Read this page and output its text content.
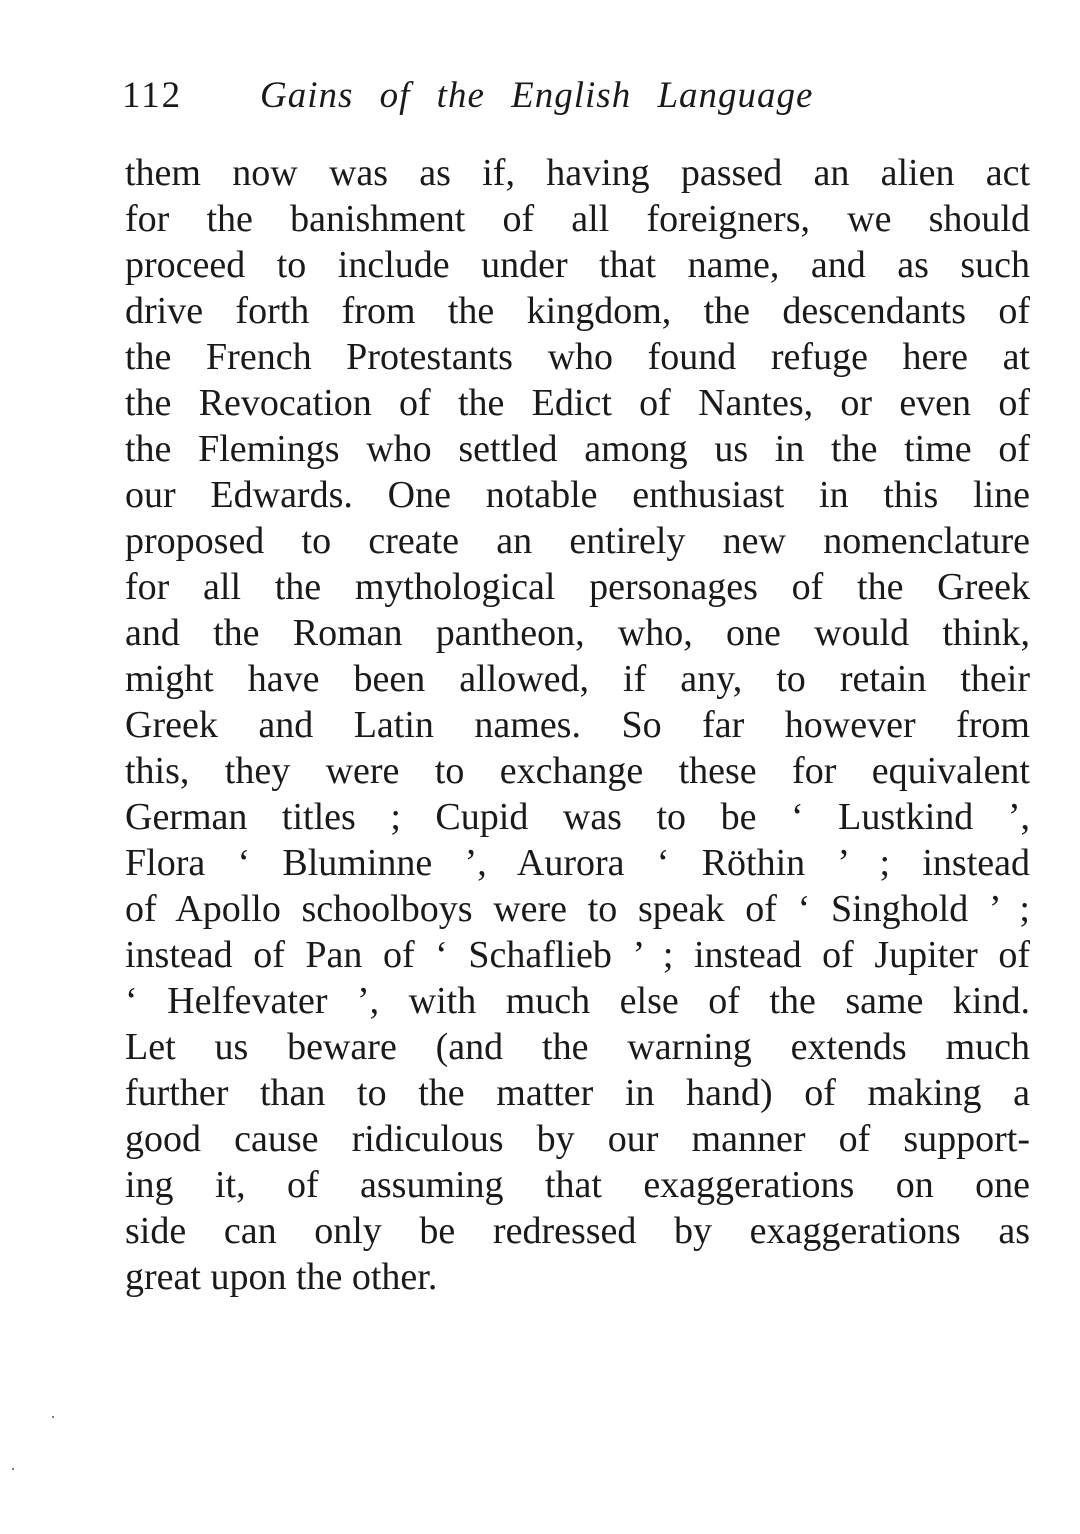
112 Gains of the English Language
them now was as if, having passed an alien act
for the banishment of all foreigners, we should
proceed to include under that name, and as such
drive forth from the kingdom, the descendants of
the French Protestants who found refuge here at
the Revocation of the Edict of Nantes, or even of
the Flemings who settled among us in the time of
our Edwards. One notable enthusiast in this line
proposed to create an entirely new nomenclature
for all the mythological personages of the Greek
and the Roman pantheon, who, one would think,
might have been allowed, if any, to retain their
Greek and Latin names. So far however from
this, they were to exchange these for equivalent
German titles ; Cupid was to be ‘ Lustkind ’,
Flora ‘ Bluminne ’, Aurora ‘ Röthin ’ ; instead
of Apollo schoolboys were to speak of ‘ Singhold ’ ;
instead of Pan of ‘ Schaflieb ’ ; instead of Jupiter of
‘ Helfevater ’, with much else of the same kind.
Let us beware (and the warning extends much
further than to the matter in hand) of making a
good cause ridiculous by our manner of support-
ing it, of assuming that exaggerations on one
side can only be redressed by exaggerations as
great upon the other.
